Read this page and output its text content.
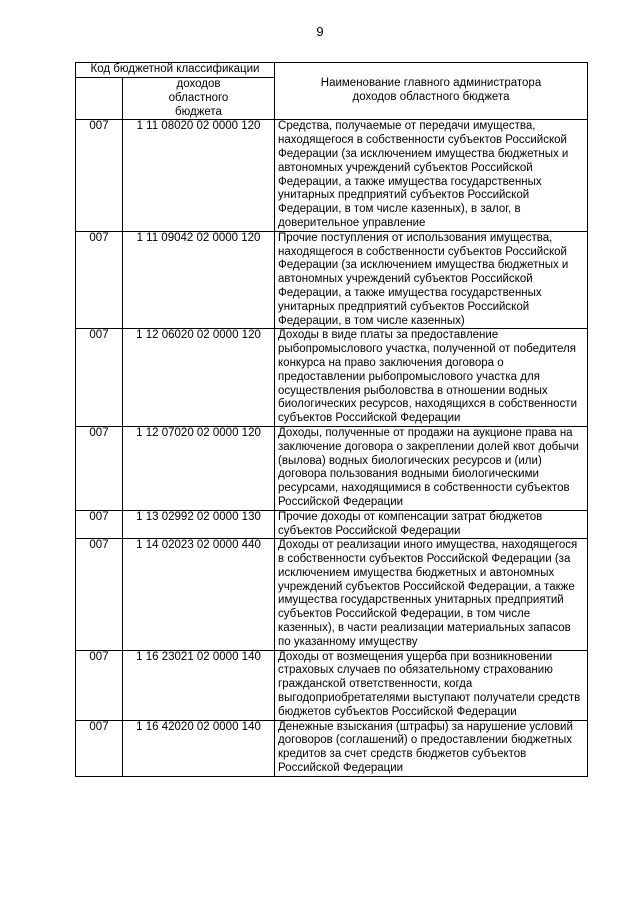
9
Код бюджетной классификации		Наименование главного администратора доходов областного бюджета
	доходов областного бюджета	
007	1 11 08020 02 0000 120	Средства, получаемые от передачи имущества, находящегося в собственности субъектов Российской Федерации (за исключением имущества бюджетных и автономных учреждений субъектов Российской Федерации, а также имущества государственных унитарных предприятий субъектов Российской Федерации, в том числе казенных), в залог, в доверительное управление
007	1 11 09042 02 0000 120	Прочие поступления от использования имущества, находящегося в собственности субъектов Российской Федерации (за исключением имущества бюджетных и автономных учреждений субъектов Российской Федерации, а также имущества государственных унитарных предприятий субъектов Российской Федерации, в том числе казенных)
007	1 12 06020 02 0000 120	Доходы в виде платы за предоставление рыбопромыслового участка, полученной от победителя конкурса на право заключения договора о предоставлении рыбопромыслового участка для осуществления рыболовства в отношении водных биологических ресурсов, находящихся в собственности субъектов Российской Федерации
007	1 12 07020 02 0000 120	Доходы, полученные от продажи на аукционе права на заключение договора о закреплении долей квот добычи (вылова) водных биологических ресурсов и (или) договора пользования водными биологическими ресурсами, находящимися в собственности субъектов Российской Федерации
007	1 13 02992 02 0000 130	Прочие доходы от компенсации затрат бюджетов субъектов Российской Федерации
007	1 14 02023 02 0000 440	Доходы от реализации иного имущества, находящегося в собственности субъектов Российской Федерации (за исключением имущества бюджетных и автономных учреждений субъектов Российской Федерации, а также имущества государственных унитарных предприятий субъектов Российской Федерации, в том числе казенных), в части реализации материальных запасов по указанному имуществу
007	1 16 23021 02 0000 140	Доходы от возмещения ущерба при возникновении страховых случаев по обязательному страхованию гражданской ответственности, когда выгодоприобретателями выступают получатели средств бюджетов субъектов Российской Федерации
007	1 16 42020 02 0000 140	Денежные взыскания (штрафы) за нарушение условий договоров (соглашений) о предоставлении бюджетных кредитов за счет средств бюджетов субъектов Российской Федерации
